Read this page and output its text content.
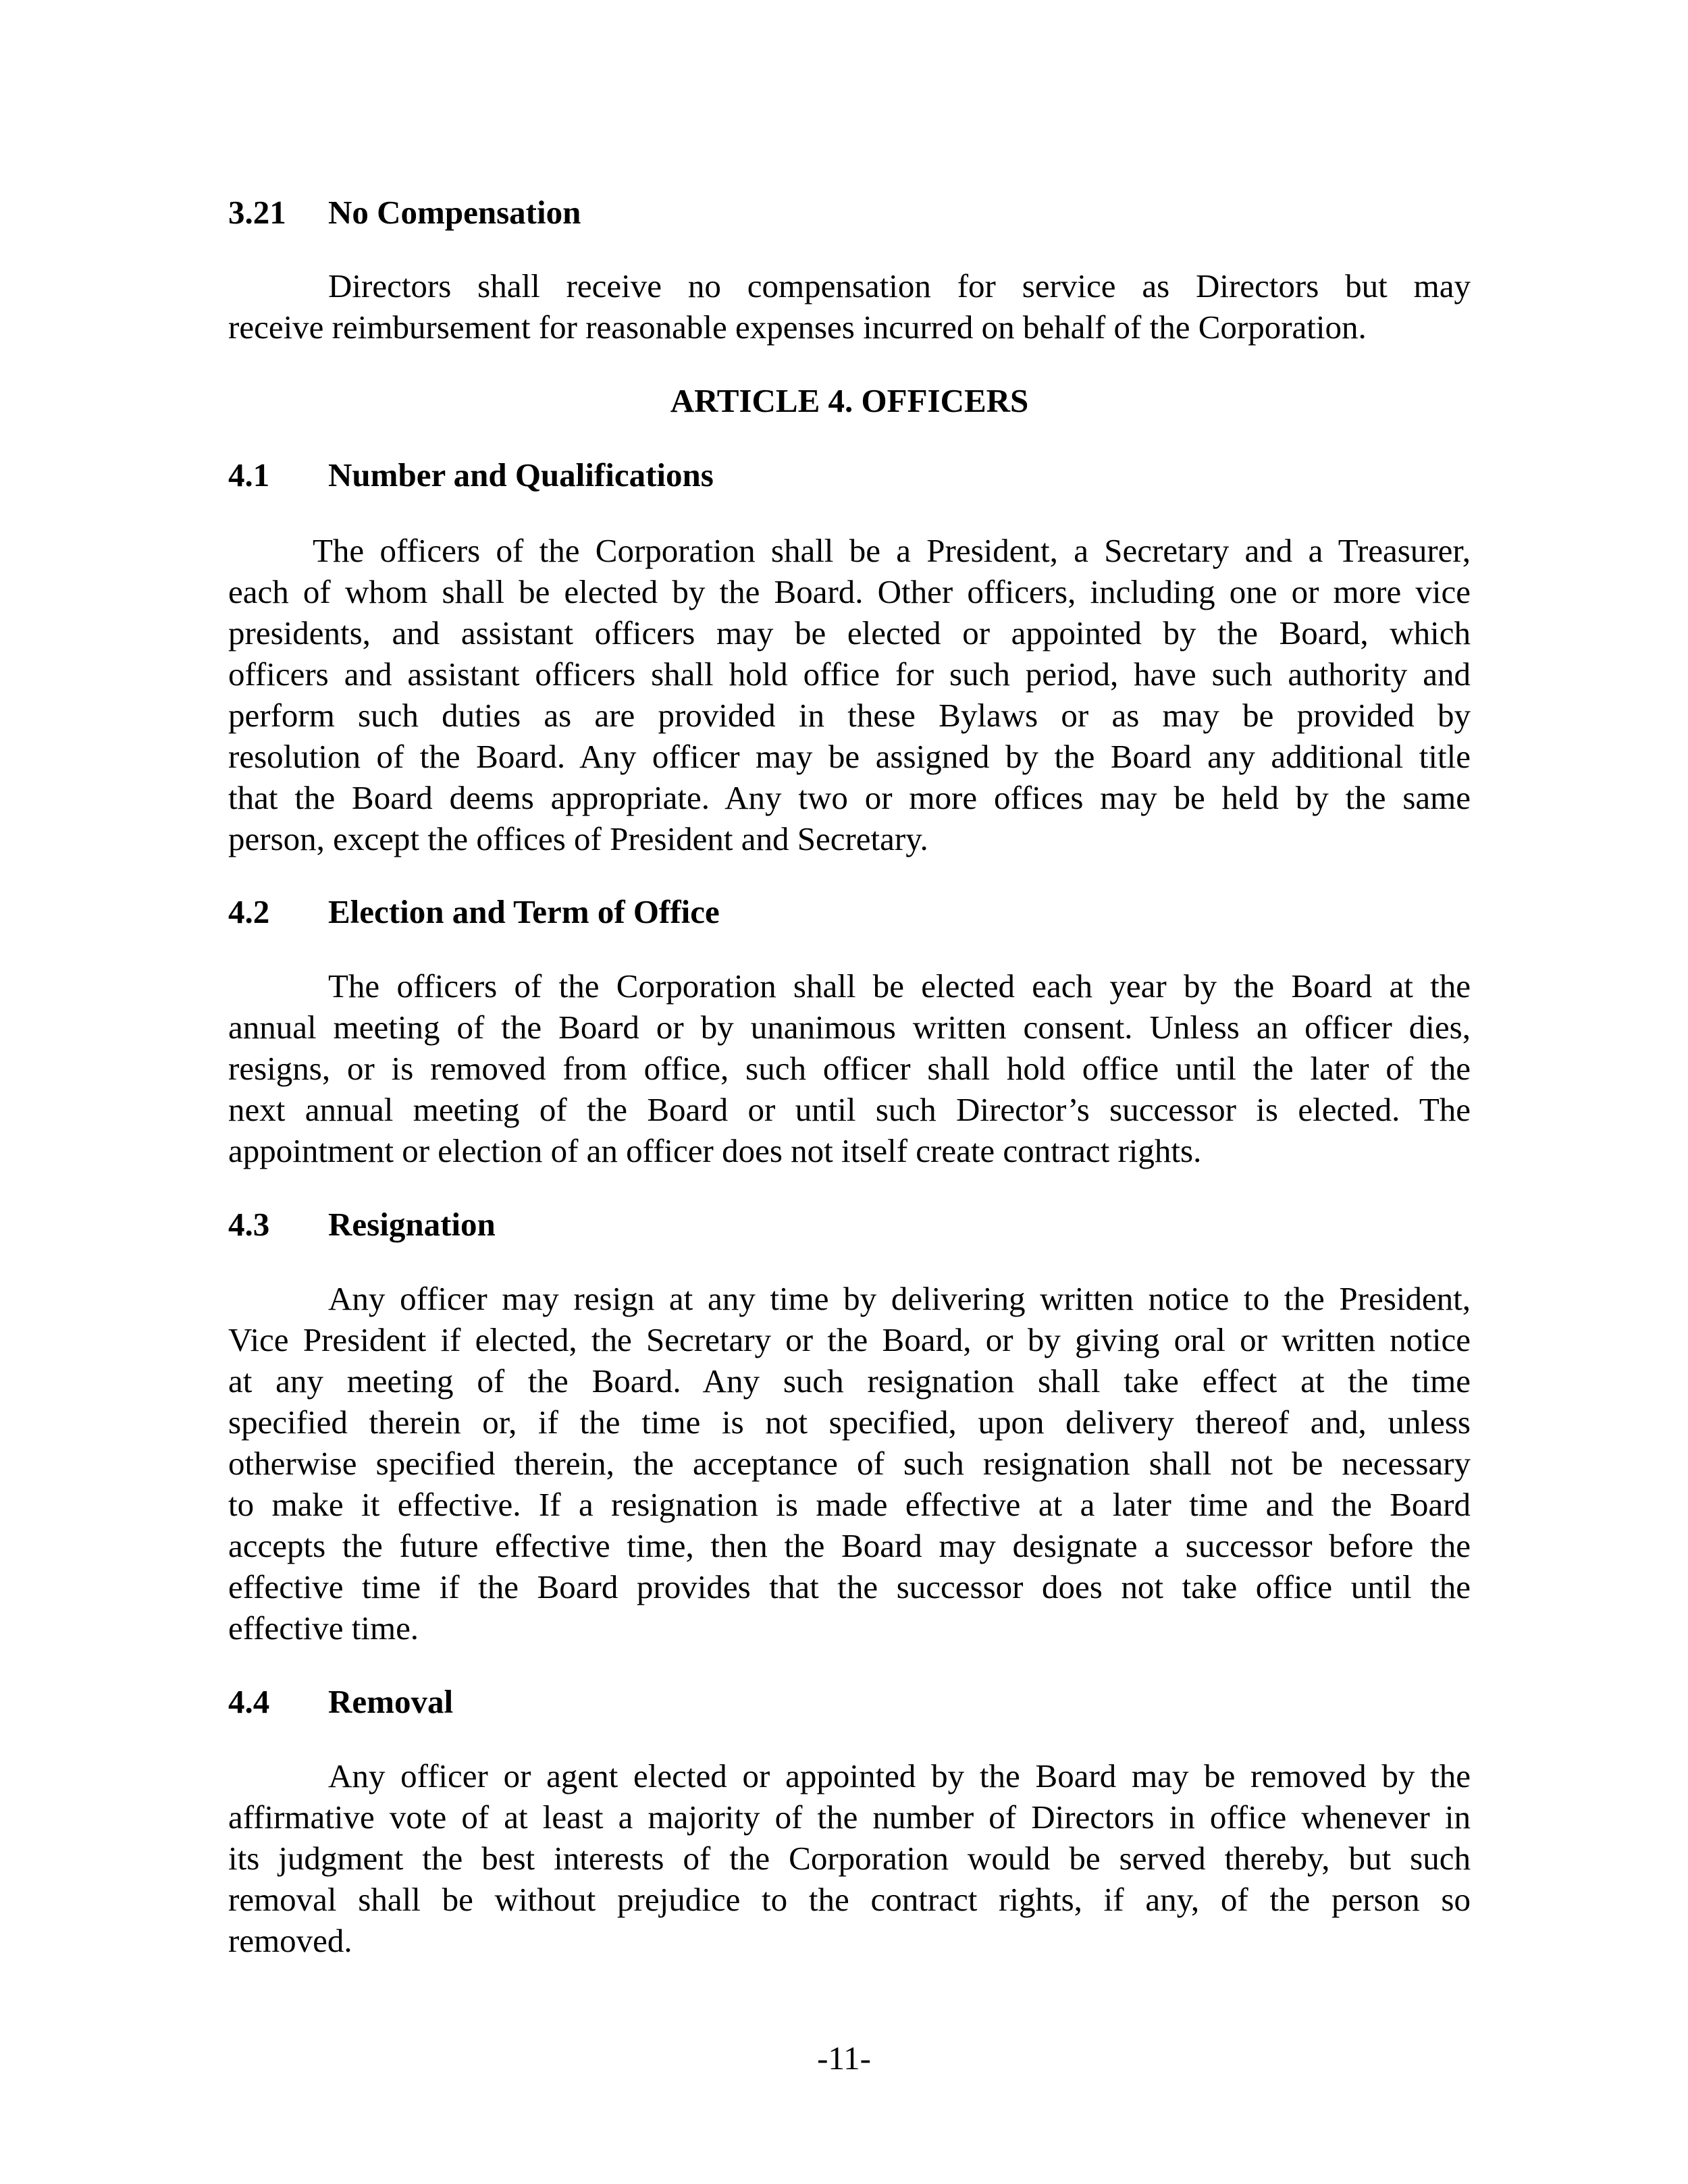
3.21 No Compensation
Directors shall receive no compensation for service as Directors but may
receive reimbursement for reasonable expenses incurred on behalf of the Corporation.
ARTICLE 4. OFFICERS
4.1 Number and Qualifications
The officers of the Corporation shall be a President, a Secretary and a Treasurer,
each of whom shall be elected by the Board. Other officers, including one or more vice
presidents, and assistant officers may be elected or appointed by the Board, which
officers and assistant officers shall hold office for such period, have such authority and
perform such duties as are provided in these Bylaws or as may be provided by
resolution of the Board. Any officer may be assigned by the Board any additional title
that the Board deems appropriate. Any two or more offices may be held by the same
person, except the offices of President and Secretary.
4.2 Election and Term of Office
The officers of the Corporation shall be elected each year by the Board at the
annual meeting of the Board or by unanimous written consent. Unless an officer dies,
resigns, or is removed from office, such officer shall hold office until the later of the
next annual meeting of the Board or until such Director’s successor is elected. The
appointment or election of an officer does not itself create contract rights.
4.3 Resignation
Any officer may resign at any time by delivering written notice to the President,
Vice President if elected, the Secretary or the Board, or by giving oral or written notice
at any meeting of the Board. Any such resignation shall take effect at the time
specified therein or, if the time is not specified, upon delivery thereof and, unless
otherwise specified therein, the acceptance of such resignation shall not be necessary
to make it effective. If a resignation is made effective at a later time and the Board
accepts the future effective time, then the Board may designate a successor before the
effective time if the Board provides that the successor does not take office until the
effective time.
4.4 Removal
Any officer or agent elected or appointed by the Board may be removed by the
affirmative vote of at least a majority of the number of Directors in office whenever in
its judgment the best interests of the Corporation would be served thereby, but such
removal shall be without prejudice to the contract rights, if any, of the person so
removed.
-11-
